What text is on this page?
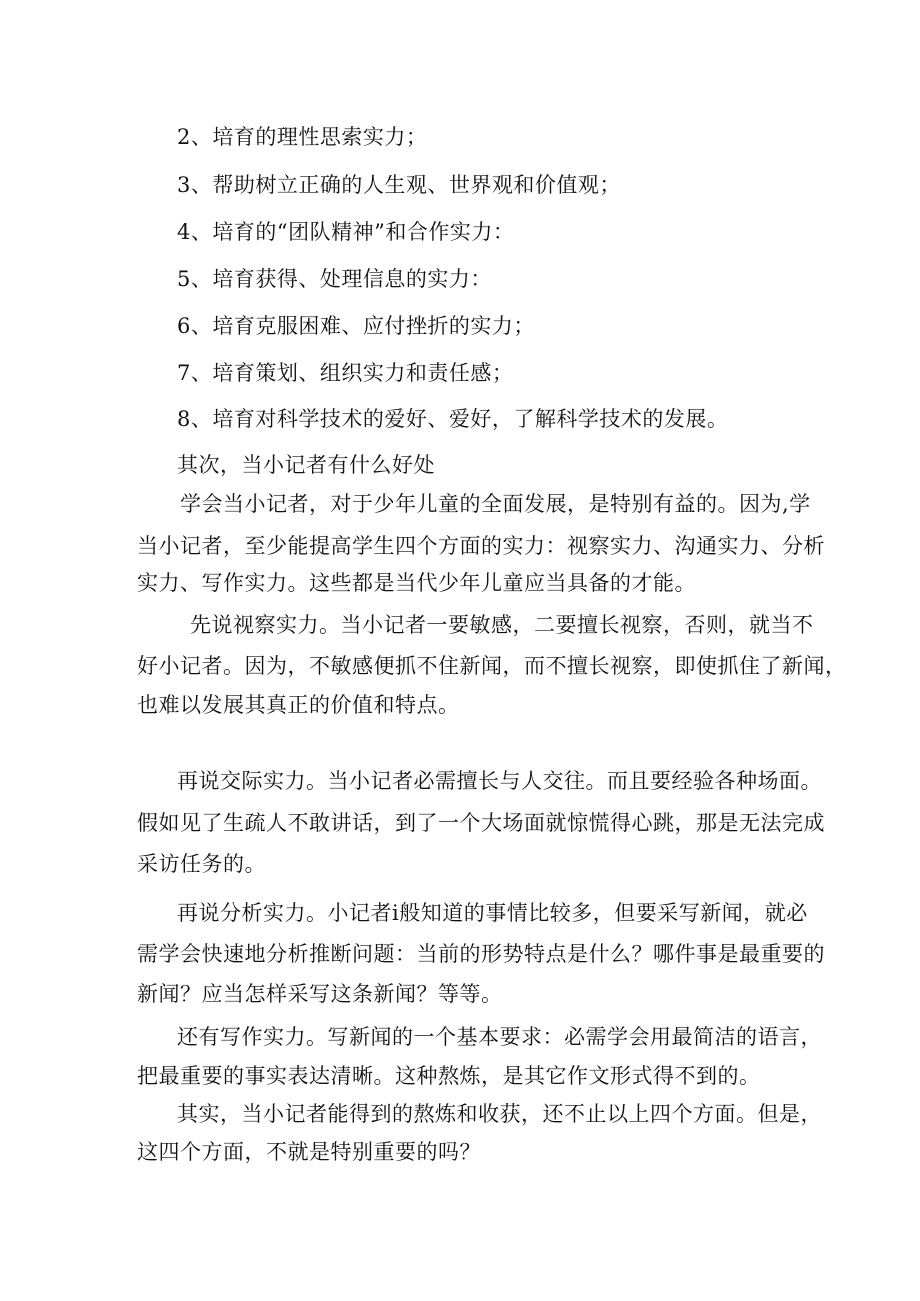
2、培育的理性思索实力；
3、帮助树立正确的人生观、世界观和价值观；
4、培育的“团队精神”和合作实力：
5、培育获得、处理信息的实力：
6、培育克服困难、应付挫折的实力；
7、培育策划、组织实力和责任感；
8、培育对科学技术的爱好、爱好，了解科学技术的发展。
其次，当小记者有什么好处
学会当小记者，对于少年儿童的全面发展，是特别有益的。因为,学
当小记者，至少能提高学生四个方面的实力：视察实力、沟通实力、分析
实力、写作实力。这些都是当代少年儿童应当具备的才能。
先说视察实力。当小记者一要敏感，二要擅长视察，否则，就当不
好小记者。因为，不敏感便抓不住新闻，而不擅长视察，即使抓住了新闻，
也难以发展其真正的价值和特点。
再说交际实力。当小记者必需擅长与人交往。而且要经验各种场面。
假如见了生疏人不敢讲话，到了一个大场面就惊慌得心跳，那是无法完成
采访任务的。
再说分析实力。小记者i般知道的事情比较多，但要采写新闻，就必
需学会快速地分析推断问题：当前的形势特点是什么？哪件事是最重要的
新闻？应当怎样采写这条新闻？等等。
还有写作实力。写新闻的一个基本要求：必需学会用最简洁的语言，
把最重要的事实表达清晰。这种熬炼，是其它作文形式得不到的。
其实，当小记者能得到的熬炼和收获，还不止以上四个方面。但是，
这四个方面，不就是特别重要的吗？
